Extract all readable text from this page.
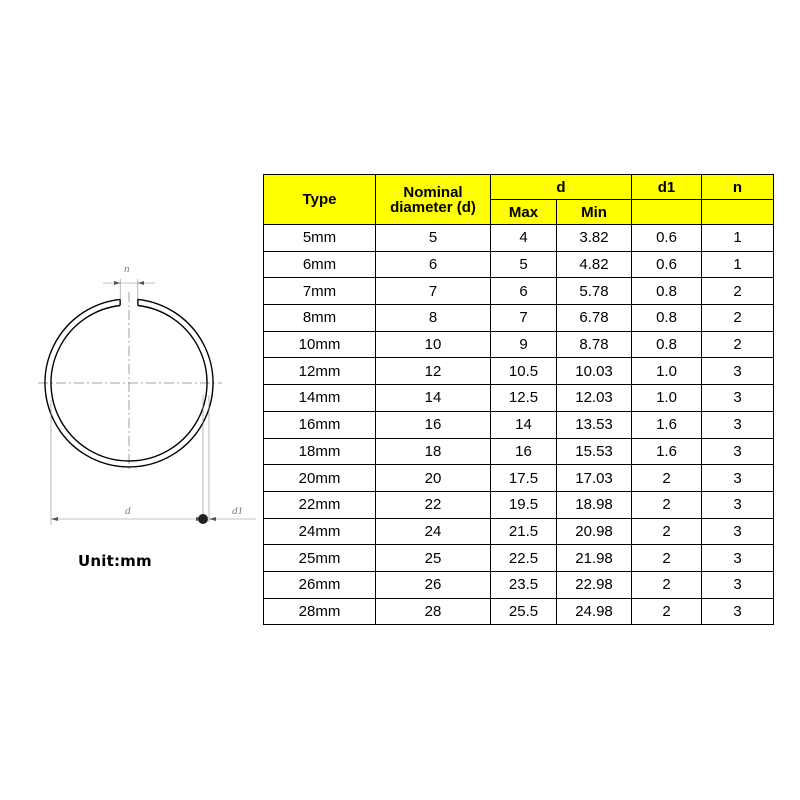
n
d	d1
Unit:mm
Type	Nominal diameter (d)	d		d1	n
		Max	Min		
5mm	5	4	3.82	0.6	1
6mm	6	5	4.82	0.6	1
7mm	7	6	5.78	0.8	2
8mm	8	7	6.78	0.8	2
10mm	10	9	8.78	0.8	2
12mm	12	10.5	10.03	1.0	3
14mm	14	12.5	12.03	1.0	3
16mm	16	14	13.53	1.6	3
18mm	18	16	15.53	1.6	3
20mm	20	17.5	17.03	2	3
22mm	22	19.5	18.98	2	3
24mm	24	21.5	20.98	2	3
25mm	25	22.5	21.98	2	3
26mm	26	23.5	22.98	2	3
28mm	28	25.5	24.98	2	3
